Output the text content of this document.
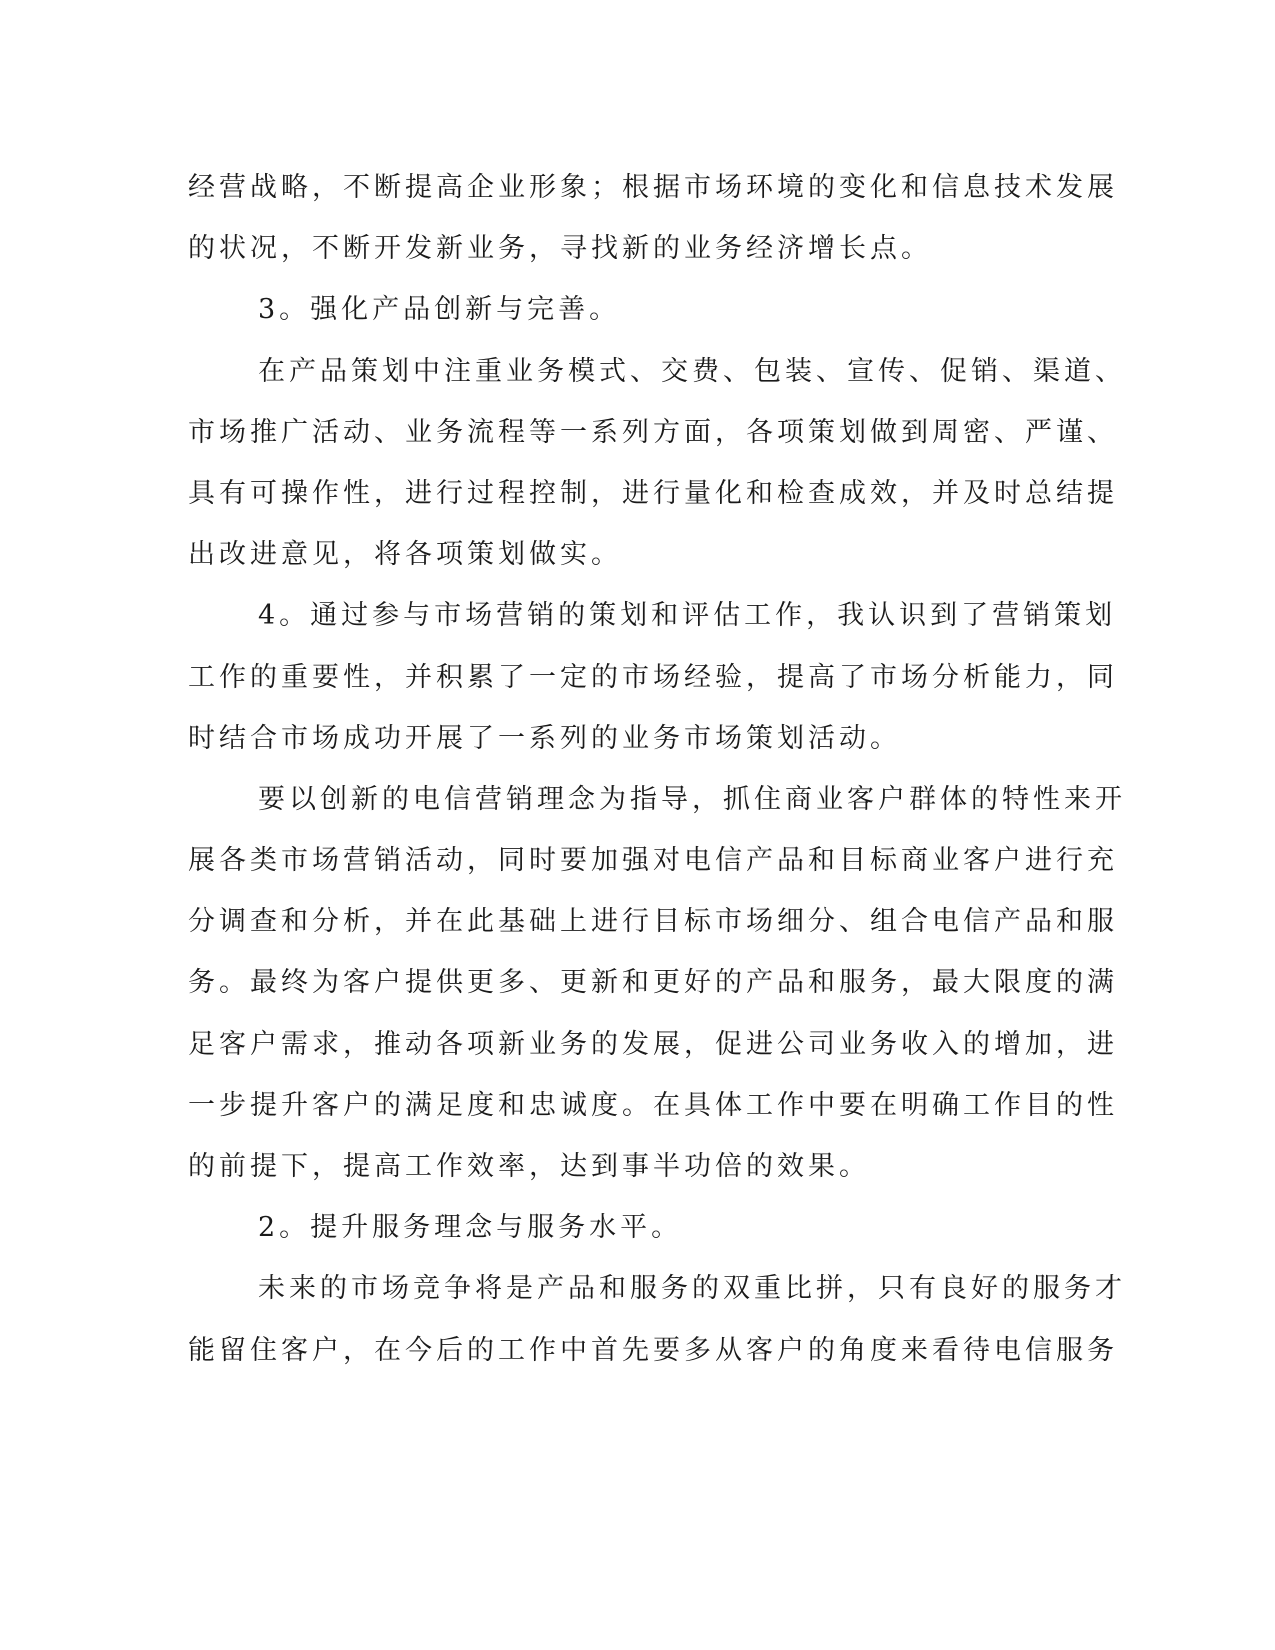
经营战略，不断提高企业形象；根据市场环境的变化和信息技术发展
的状况，不断开发新业务，寻找新的业务经济增长点。
3。强化产品创新与完善。
在产品策划中注重业务模式、交费、包装、宣传、促销、渠道、
市场推广活动、业务流程等一系列方面，各项策划做到周密、严谨、
具有可操作性，进行过程控制，进行量化和检查成效，并及时总结提
出改进意见，将各项策划做实。
4。通过参与市场营销的策划和评估工作，我认识到了营销策划
工作的重要性，并积累了一定的市场经验，提高了市场分析能力，同
时结合市场成功开展了一系列的业务市场策划活动。
要以创新的电信营销理念为指导，抓住商业客户群体的特性来开
展各类市场营销活动，同时要加强对电信产品和目标商业客户进行充
分调查和分析，并在此基础上进行目标市场细分、组合电信产品和服
务。最终为客户提供更多、更新和更好的产品和服务，最大限度的满
足客户需求，推动各项新业务的发展，促进公司业务收入的增加，进
一步提升客户的满足度和忠诚度。在具体工作中要在明确工作目的性
的前提下，提高工作效率，达到事半功倍的效果。
2。提升服务理念与服务水平。
未来的市场竞争将是产品和服务的双重比拼，只有良好的服务才
能留住客户，在今后的工作中首先要多从客户的角度来看待电信服务
